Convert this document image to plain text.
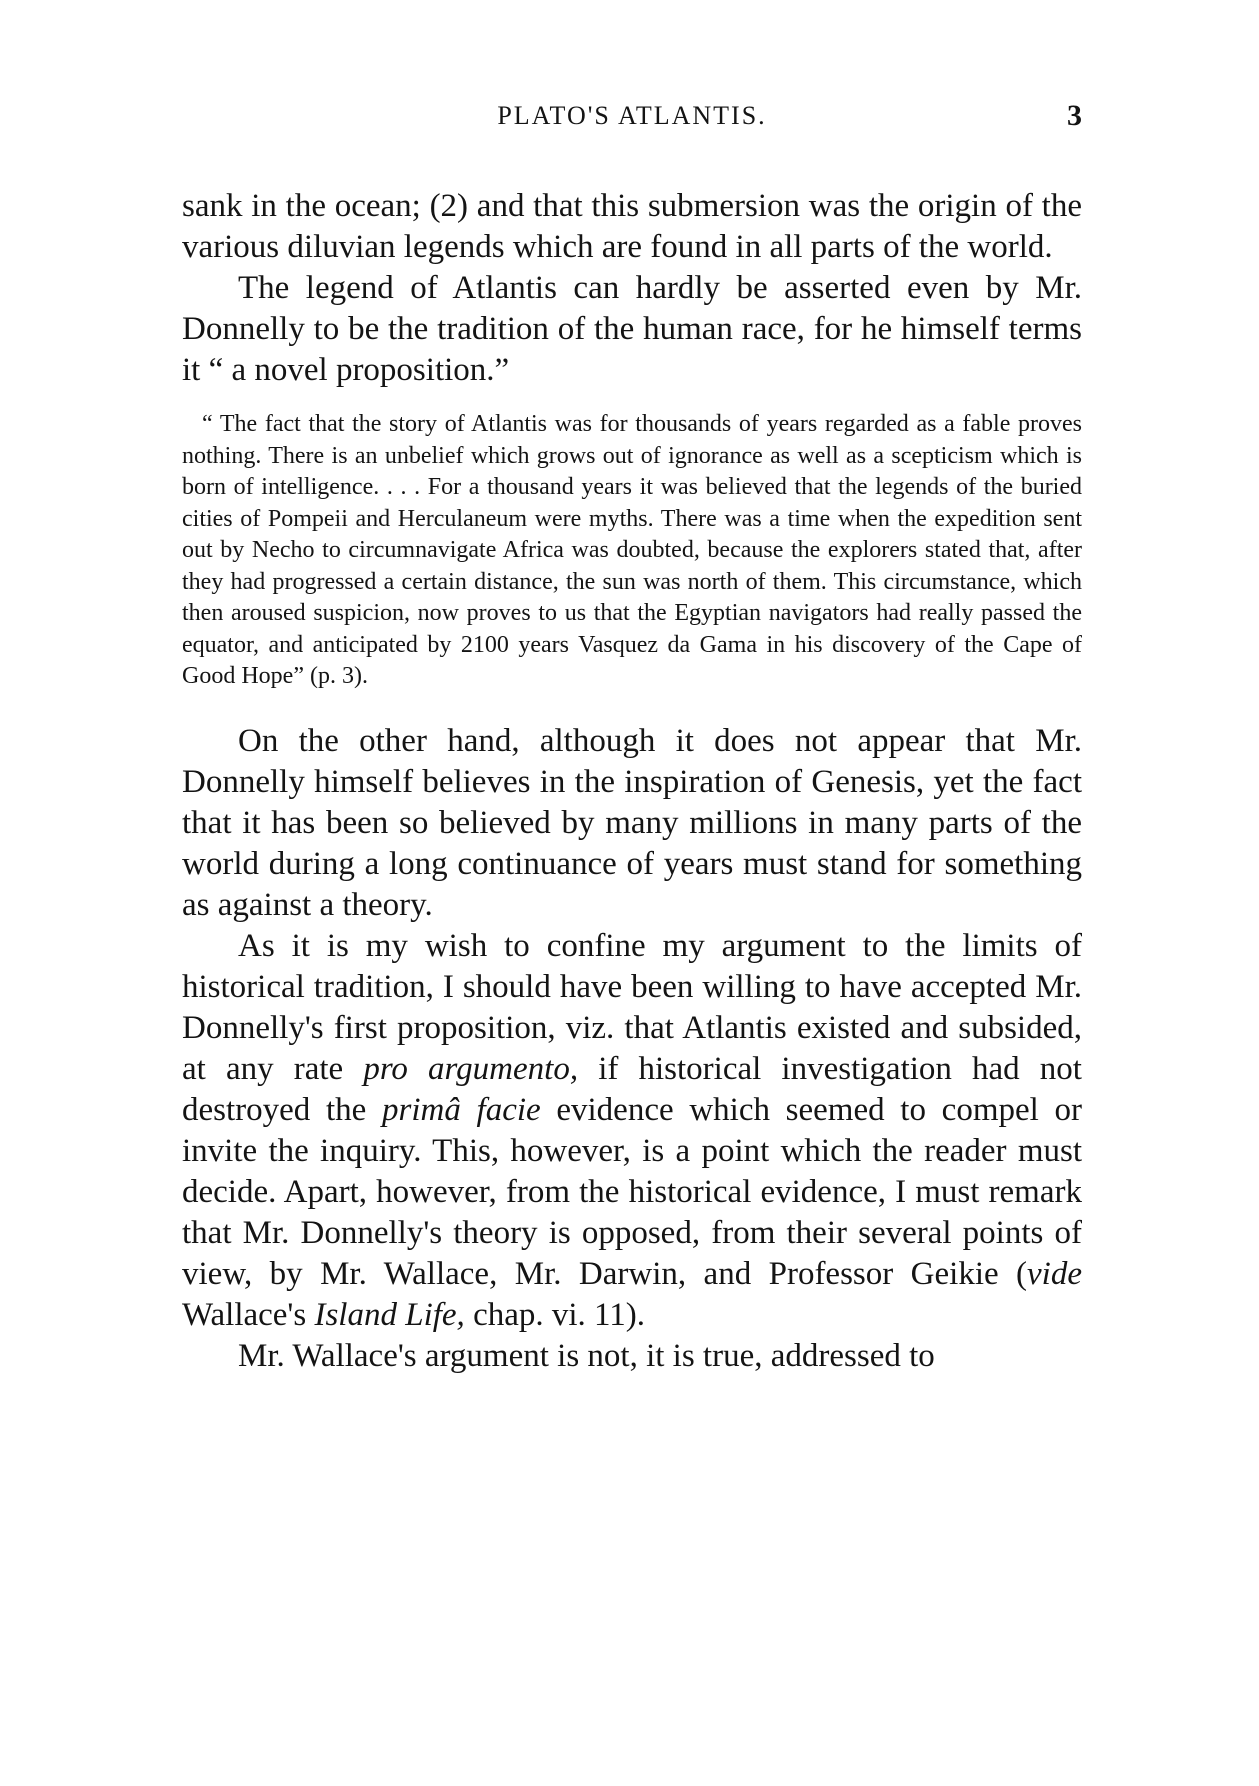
PLATO'S ATLANTIS.	3

sank in the ocean; (2) and that this submersion was the origin of the various diluvian legends which are found in all parts of the world.

The legend of Atlantis can hardly be asserted even by Mr. Donnelly to be the tradition of the human race, for he himself terms it “ a novel proposition.”

“ The fact that the story of Atlantis was for thousands of years regarded as a fable proves nothing. There is an unbelief which grows out of ignorance as well as a scepticism which is born of intelligence. . . . For a thousand years it was believed that the legends of the buried cities of Pompeii and Herculaneum were myths. There was a time when the expedition sent out by Necho to circumnavigate Africa was doubted, because the explorers stated that, after they had progressed a certain distance, the sun was north of them. This circumstance, which then aroused suspicion, now proves to us that the Egyptian navigators had really passed the equator, and anticipated by 2100 years Vasquez da Gama in his discovery of the Cape of Good Hope” (p. 3).

On the other hand, although it does not appear that Mr. Donnelly himself believes in the inspiration of Genesis, yet the fact that it has been so believed by many millions in many parts of the world during a long continuance of years must stand for something as against a theory.

As it is my wish to confine my argument to the limits of historical tradition, I should have been willing to have accepted Mr. Donnelly's first proposition, viz. that Atlantis existed and subsided, at any rate pro argumento, if historical investigation had not destroyed the primâ facie evidence which seemed to compel or invite the inquiry. This, however, is a point which the reader must decide. Apart, however, from the historical evidence, I must remark that Mr. Donnelly's theory is opposed, from their several points of view, by Mr. Wallace, Mr. Darwin, and Professor Geikie (vide Wallace's Island Life, chap. vi. 11).

Mr. Wallace's argument is not, it is true, addressed to
